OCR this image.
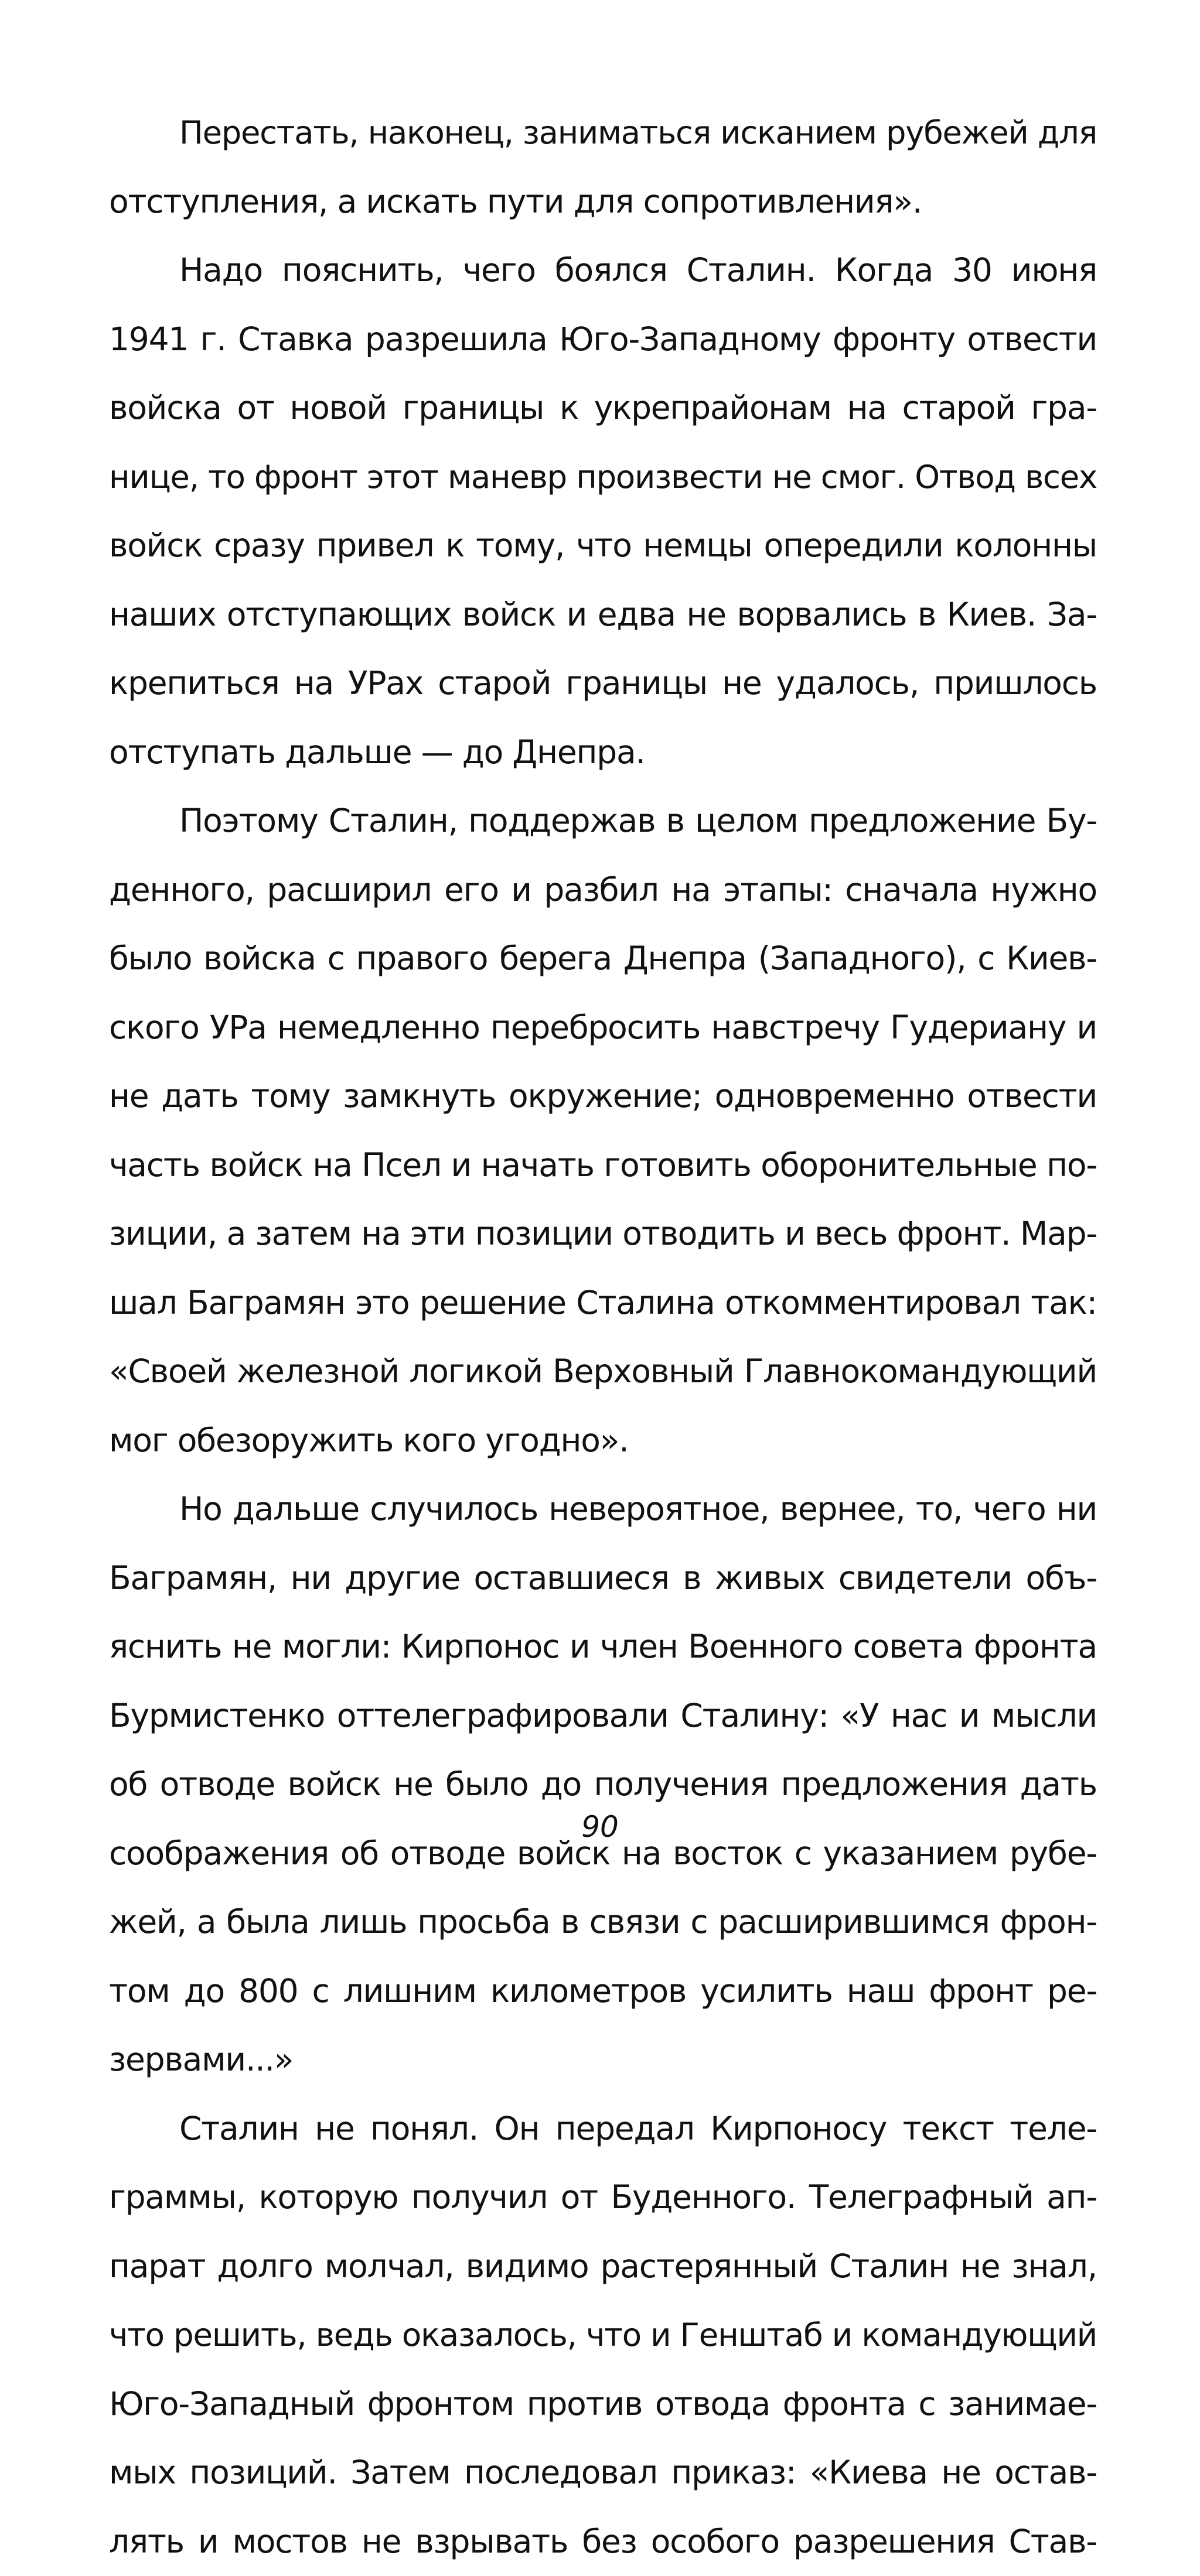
Перестать, наконец, заниматься исканием рубежей для
отступления, а искать пути для сопротивления».
Надо пояснить, чего боялся Сталин. Когда 30 июня
1941 г. Ставка разрешила Юго-Западному фронту отвести
войска от новой границы к укрепрайонам на старой гра-
нице, то фронт этот маневр произвести не смог. Отвод всех
войск сразу привел к тому, что немцы опередили колонны
наших отступающих войск и едва не ворвались в Киев. За-
крепиться на УРах старой границы не удалось, пришлось
отступать дальше — до Днепра.
Поэтому Сталин, поддержав в целом предложение Бу-
денного, расширил его и разбил на этапы: сначала нужно
было войска с правого берега Днепра (Западного), с Киев-
ского УРа немедленно перебросить навстречу Гудериану и
не дать тому замкнуть окружение; одновременно отвести
часть войск на Псел и начать готовить оборонительные по-
зиции, а затем на эти позиции отводить и весь фронт. Мар-
шал Баграмян это решение Сталина откомментировал так:
«Своей железной логикой Верховный Главнокомандующий
мог обезоружить кого угодно».
Но дальше случилось невероятное, вернее, то, чего ни
Баграмян, ни другие оставшиеся в живых свидетели объ-
яснить не могли: Кирпонос и член Военного совета фронта
Бурмистенко оттелеграфировали Сталину: «У нас и мысли
об отводе войск не было до получения предложения дать
соображения об отводе войск на восток с указанием рубе-
жей, а была лишь просьба в связи с расширившимся фрон-
том до 800 с лишним километров усилить наш фронт ре-
зервами...»
Сталин не понял. Он передал Кирпоносу текст теле-
граммы, которую получил от Буденного. Телеграфный ап-
парат долго молчал, видимо растерянный Сталин не знал,
что решить, ведь оказалось, что и Генштаб и командующий
Юго-Западный фронтом против отвода фронта с занимае-
мых позиций. Затем последовал приказ: «Киева не остав-
лять и мостов не взрывать без особого разрешения Став-
90
